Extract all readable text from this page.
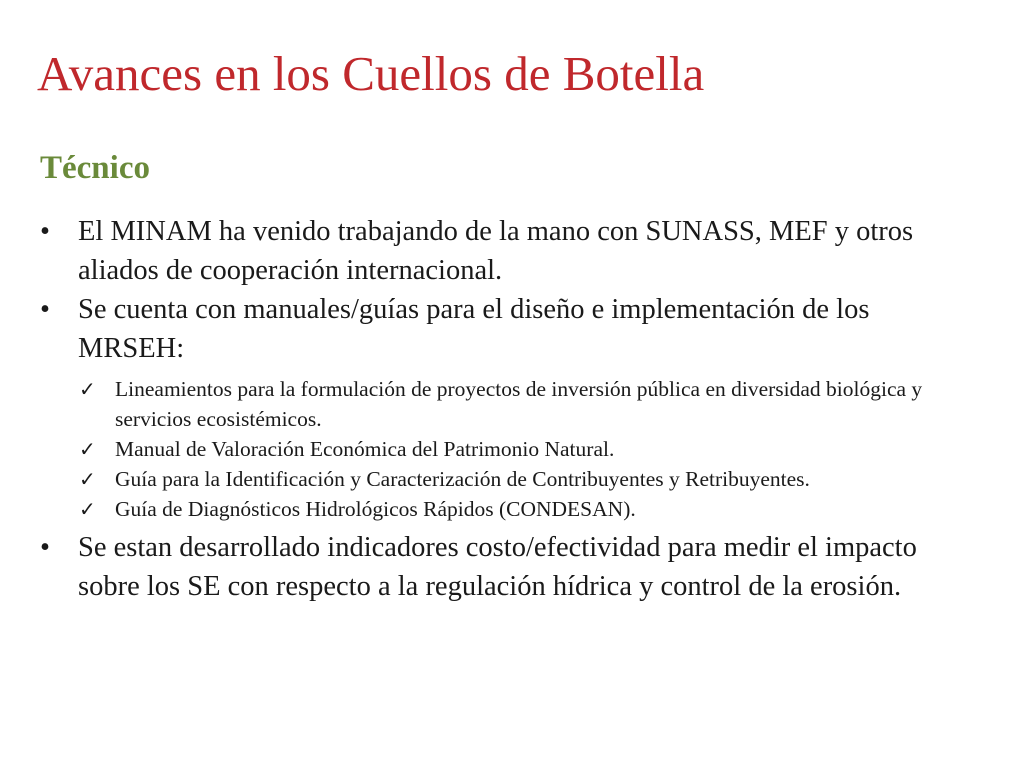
Avances en los Cuellos de Botella
Técnico
• El MINAM ha venido trabajando de la mano con SUNASS, MEF y otros aliados de cooperación internacional.
• Se cuenta con manuales/guías para el diseño e implementación de los MRSEH:
✓ Lineamientos para la formulación de proyectos de inversión pública en diversidad biológica y servicios ecosistémicos.
✓ Manual de Valoración Económica del Patrimonio Natural.
✓ Guía para la Identificación y Caracterización de Contribuyentes y Retribuyentes.
✓ Guía de Diagnósticos Hidrológicos Rápidos (CONDESAN).
• Se estan desarrollado indicadores costo/efectividad para medir el impacto sobre los SE con respecto a la regulación hídrica y control de la erosión.
